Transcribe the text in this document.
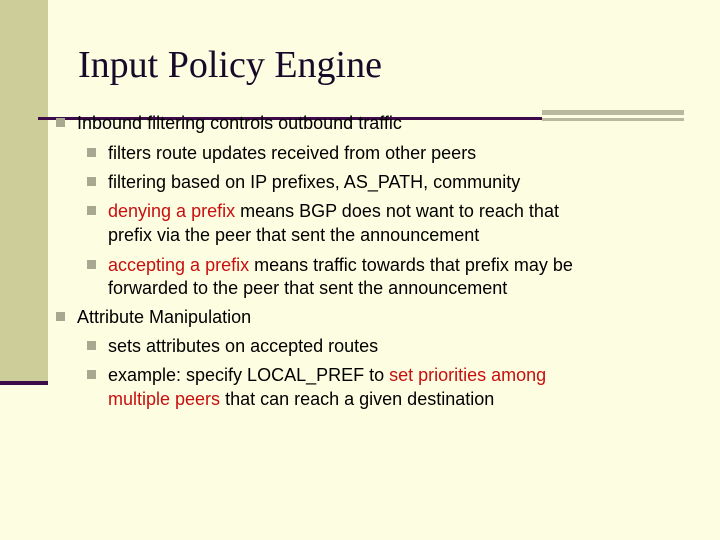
Input Policy Engine
Inbound filtering controls outbound traffic
filters route updates received from other peers
filtering based on IP prefixes, AS_PATH, community
denying a prefix means BGP does not want to reach that
prefix via the peer that sent the announcement
accepting a prefix means traffic towards that prefix may be
forwarded to the peer that sent the announcement
Attribute Manipulation
sets attributes on accepted routes
example: specify LOCAL_PREF to set priorities among
multiple peers that can reach a given destination
